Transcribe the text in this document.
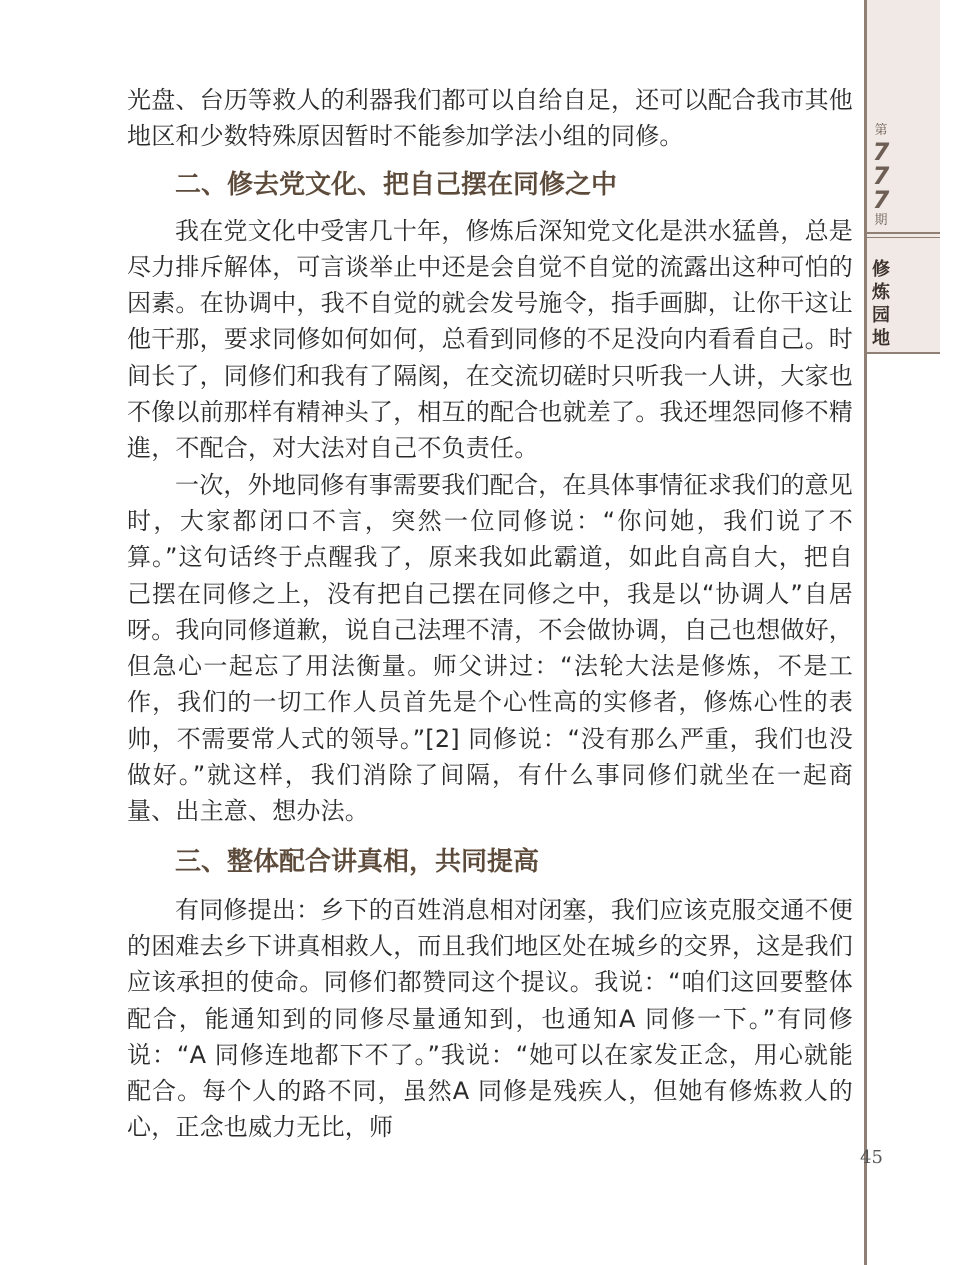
第
7
7
7
期
修
炼
园
地

光盘、台历等救人的利器我们都可以自给自足，还可以配合我市其他地区和少数特殊原因暂时不能参加学法小组的同修。

二、修去党文化、把自己摆在同修之中

我在党文化中受害几十年，修炼后深知党文化是洪水猛兽，总是尽力排斥解体，可言谈举止中还是会自觉不自觉的流露出这种可怕的因素。在协调中，我不自觉的就会发号施令，指手画脚，让你干这让他干那，要求同修如何如何，总看到同修的不足没向内看看自己。时间长了，同修们和我有了隔阂，在交流切磋时只听我一人讲，大家也不像以前那样有精神头了，相互的配合也就差了。我还埋怨同修不精進，不配合，对大法对自己不负责任。

一次，外地同修有事需要我们配合，在具体事情征求我们的意见时，大家都闭口不言，突然一位同修说：“你问她，我们说了不算。”这句话终于点醒我了，原来我如此霸道，如此自高自大，把自己摆在同修之上，没有把自己摆在同修之中，我是以“协调人”自居呀。我向同修道歉，说自己法理不清，不会做协调，自己也想做好，但急心一起忘了用法衡量。师父讲过：“法轮大法是修炼，不是工作，我们的一切工作人员首先是个心性高的实修者，修炼心性的表帅，不需要常人式的领导。”[2] 同修说：“没有那么严重，我们也没做好。”就这样，我们消除了间隔，有什么事同修们就坐在一起商量、出主意、想办法。

三、整体配合讲真相，共同提高

有同修提出：乡下的百姓消息相对闭塞，我们应该克服交通不便的困难去乡下讲真相救人，而且我们地区处在城乡的交界，这是我们应该承担的使命。同修们都赞同这个提议。我说：“咱们这回要整体配合，能通知到的同修尽量通知到，也通知A 同修一下。”有同修说：“A 同修连地都下不了。”我说：“她可以在家发正念，用心就能配合。每个人的路不同，虽然A 同修是残疾人，但她有修炼救人的心，正念也威力无比，师

45
